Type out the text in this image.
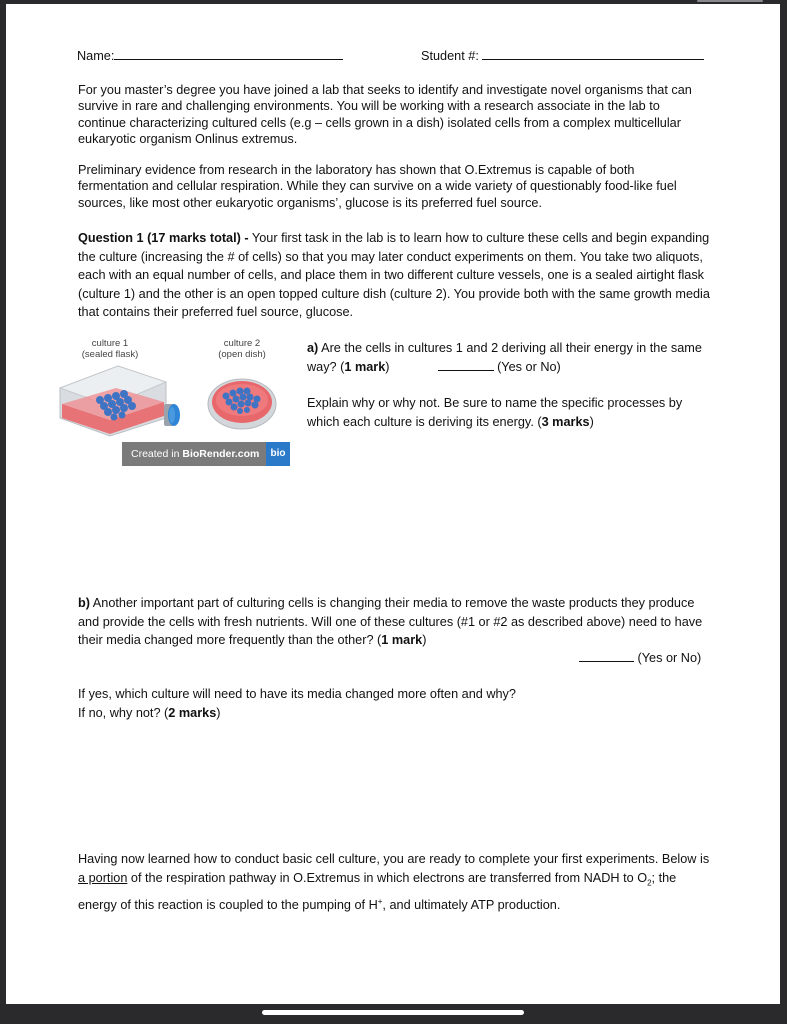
Name:	Student #:

For you master’s degree you have joined a lab that seeks to identify and investigate novel organisms that can survive in rare and challenging environments. You will be working with a research associate in the lab to continue characterizing cultured cells (e.g – cells grown in a dish) isolated cells from a complex multicellular eukaryotic organism Onlinus extremus.

Preliminary evidence from research in the laboratory has shown that O.Extremus is capable of both fermentation and cellular respiration. While they can survive on a wide variety of questionably food-like fuel sources, like most other eukaryotic organisms’, glucose is its preferred fuel source.

Question 1 (17 marks total) - Your first task in the lab is to learn how to culture these cells and begin expanding the culture (increasing the # of cells) so that you may later conduct experiments on them. You take two aliquots, each with an equal number of cells, and place them in two different culture vessels, one is a sealed airtight flask (culture 1) and the other is an open topped culture dish (culture 2). You provide both with the same growth media that contains their preferred fuel source, glucose.

culture 1
(sealed flask)
culture 2
(open dish)
Created in BioRender.com	bio

a) Are the cells in cultures 1 and 2 deriving all their energy in the same way? (1 mark)	(Yes or No)

Explain why or why not. Be sure to name the specific processes by which each culture is deriving its energy. (3 marks)

b) Another important part of culturing cells is changing their media to remove the waste products they produce and provide the cells with fresh nutrients. Will one of these cultures (#1 or #2 as described above) need to have their media changed more frequently than the other? (1 mark)

(Yes or No)

If yes, which culture will need to have its media changed more often and why?
If no, why not? (2 marks)

Having now learned how to conduct basic cell culture, you are ready to complete your first experiments. Below is a portion of the respiration pathway in O.Extremus in which electrons are transferred from NADH to $O_2$; the energy of this reaction is coupled to the pumping of H+, and ultimately ATP production.
